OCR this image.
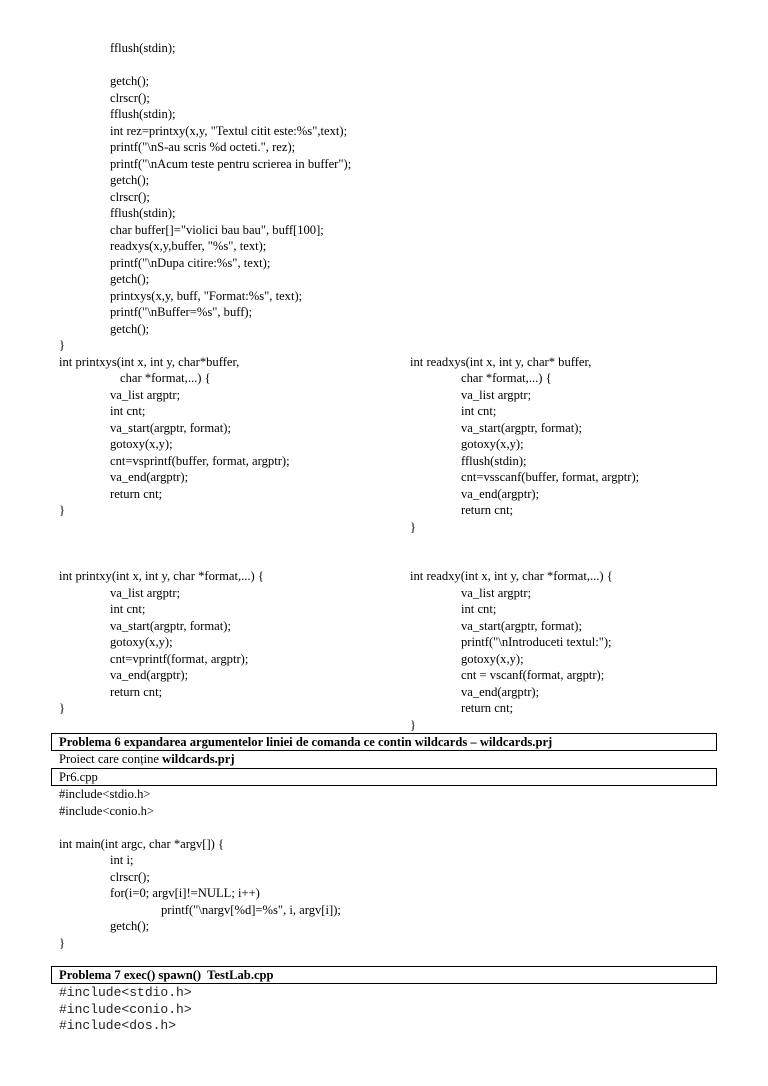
fflush(stdin);
getch();
clrscr();
fflush(stdin);
int rez=printxy(x,y, "Textul citit este:%s",text);
printf("\nS-au scris %d octeti.", rez);
printf("\nAcum teste pentru scrierea in buffer");
getch();
clrscr();
fflush(stdin);
char buffer[]="violici bau bau", buff[100];
readxys(x,y,buffer, "%s", text);
printf("\nDupa citire:%s", text);
getch();
printxys(x,y, buff, "Format:%s", text);
printf("\nBuffer=%s", buff);
getch();
}
int printxys(int x, int y, char*buffer,
char *format,...) {
va_list argptr;
int cnt;
va_start(argptr, format);
gotoxy(x,y);
cnt=vsprintf(buffer, format, argptr);
va_end(argptr);
return cnt;
}
int readxys(int x, int y, char* buffer,
char *format,...) {
va_list argptr;
int cnt;
va_start(argptr, format);
gotoxy(x,y);
fflush(stdin);
cnt=vsscanf(buffer, format, argptr);
va_end(argptr);
return cnt;
}
int printxy(int x, int y, char *format,...) {
va_list argptr;
int cnt;
va_start(argptr, format);
gotoxy(x,y);
cnt=vprintf(format, argptr);
va_end(argptr);
return cnt;
}
int readxy(int x, int y, char *format,...) {
va_list argptr;
int cnt;
va_start(argptr, format);
printf("\nIntroduceti textul:");
gotoxy(x,y);
cnt = vscanf(format, argptr);
va_end(argptr);
return cnt;
}
Problema 6 expandarea argumentelor liniei de comanda ce contin wildcards – wildcards.prj
Proiect care conține wildcards.prj
Pr6.cpp
#include<stdio.h>
#include<conio.h>
int main(int argc, char *argv[]) {
int i;
clrscr();
for(i=0; argv[i]!=NULL; i++)
printf("\nargv[%d]=%s", i, argv[i]);
getch();
}
Problema 7 exec() spawn()  TestLab.cpp
#include<stdio.h>
#include<conio.h>
#include<dos.h>
